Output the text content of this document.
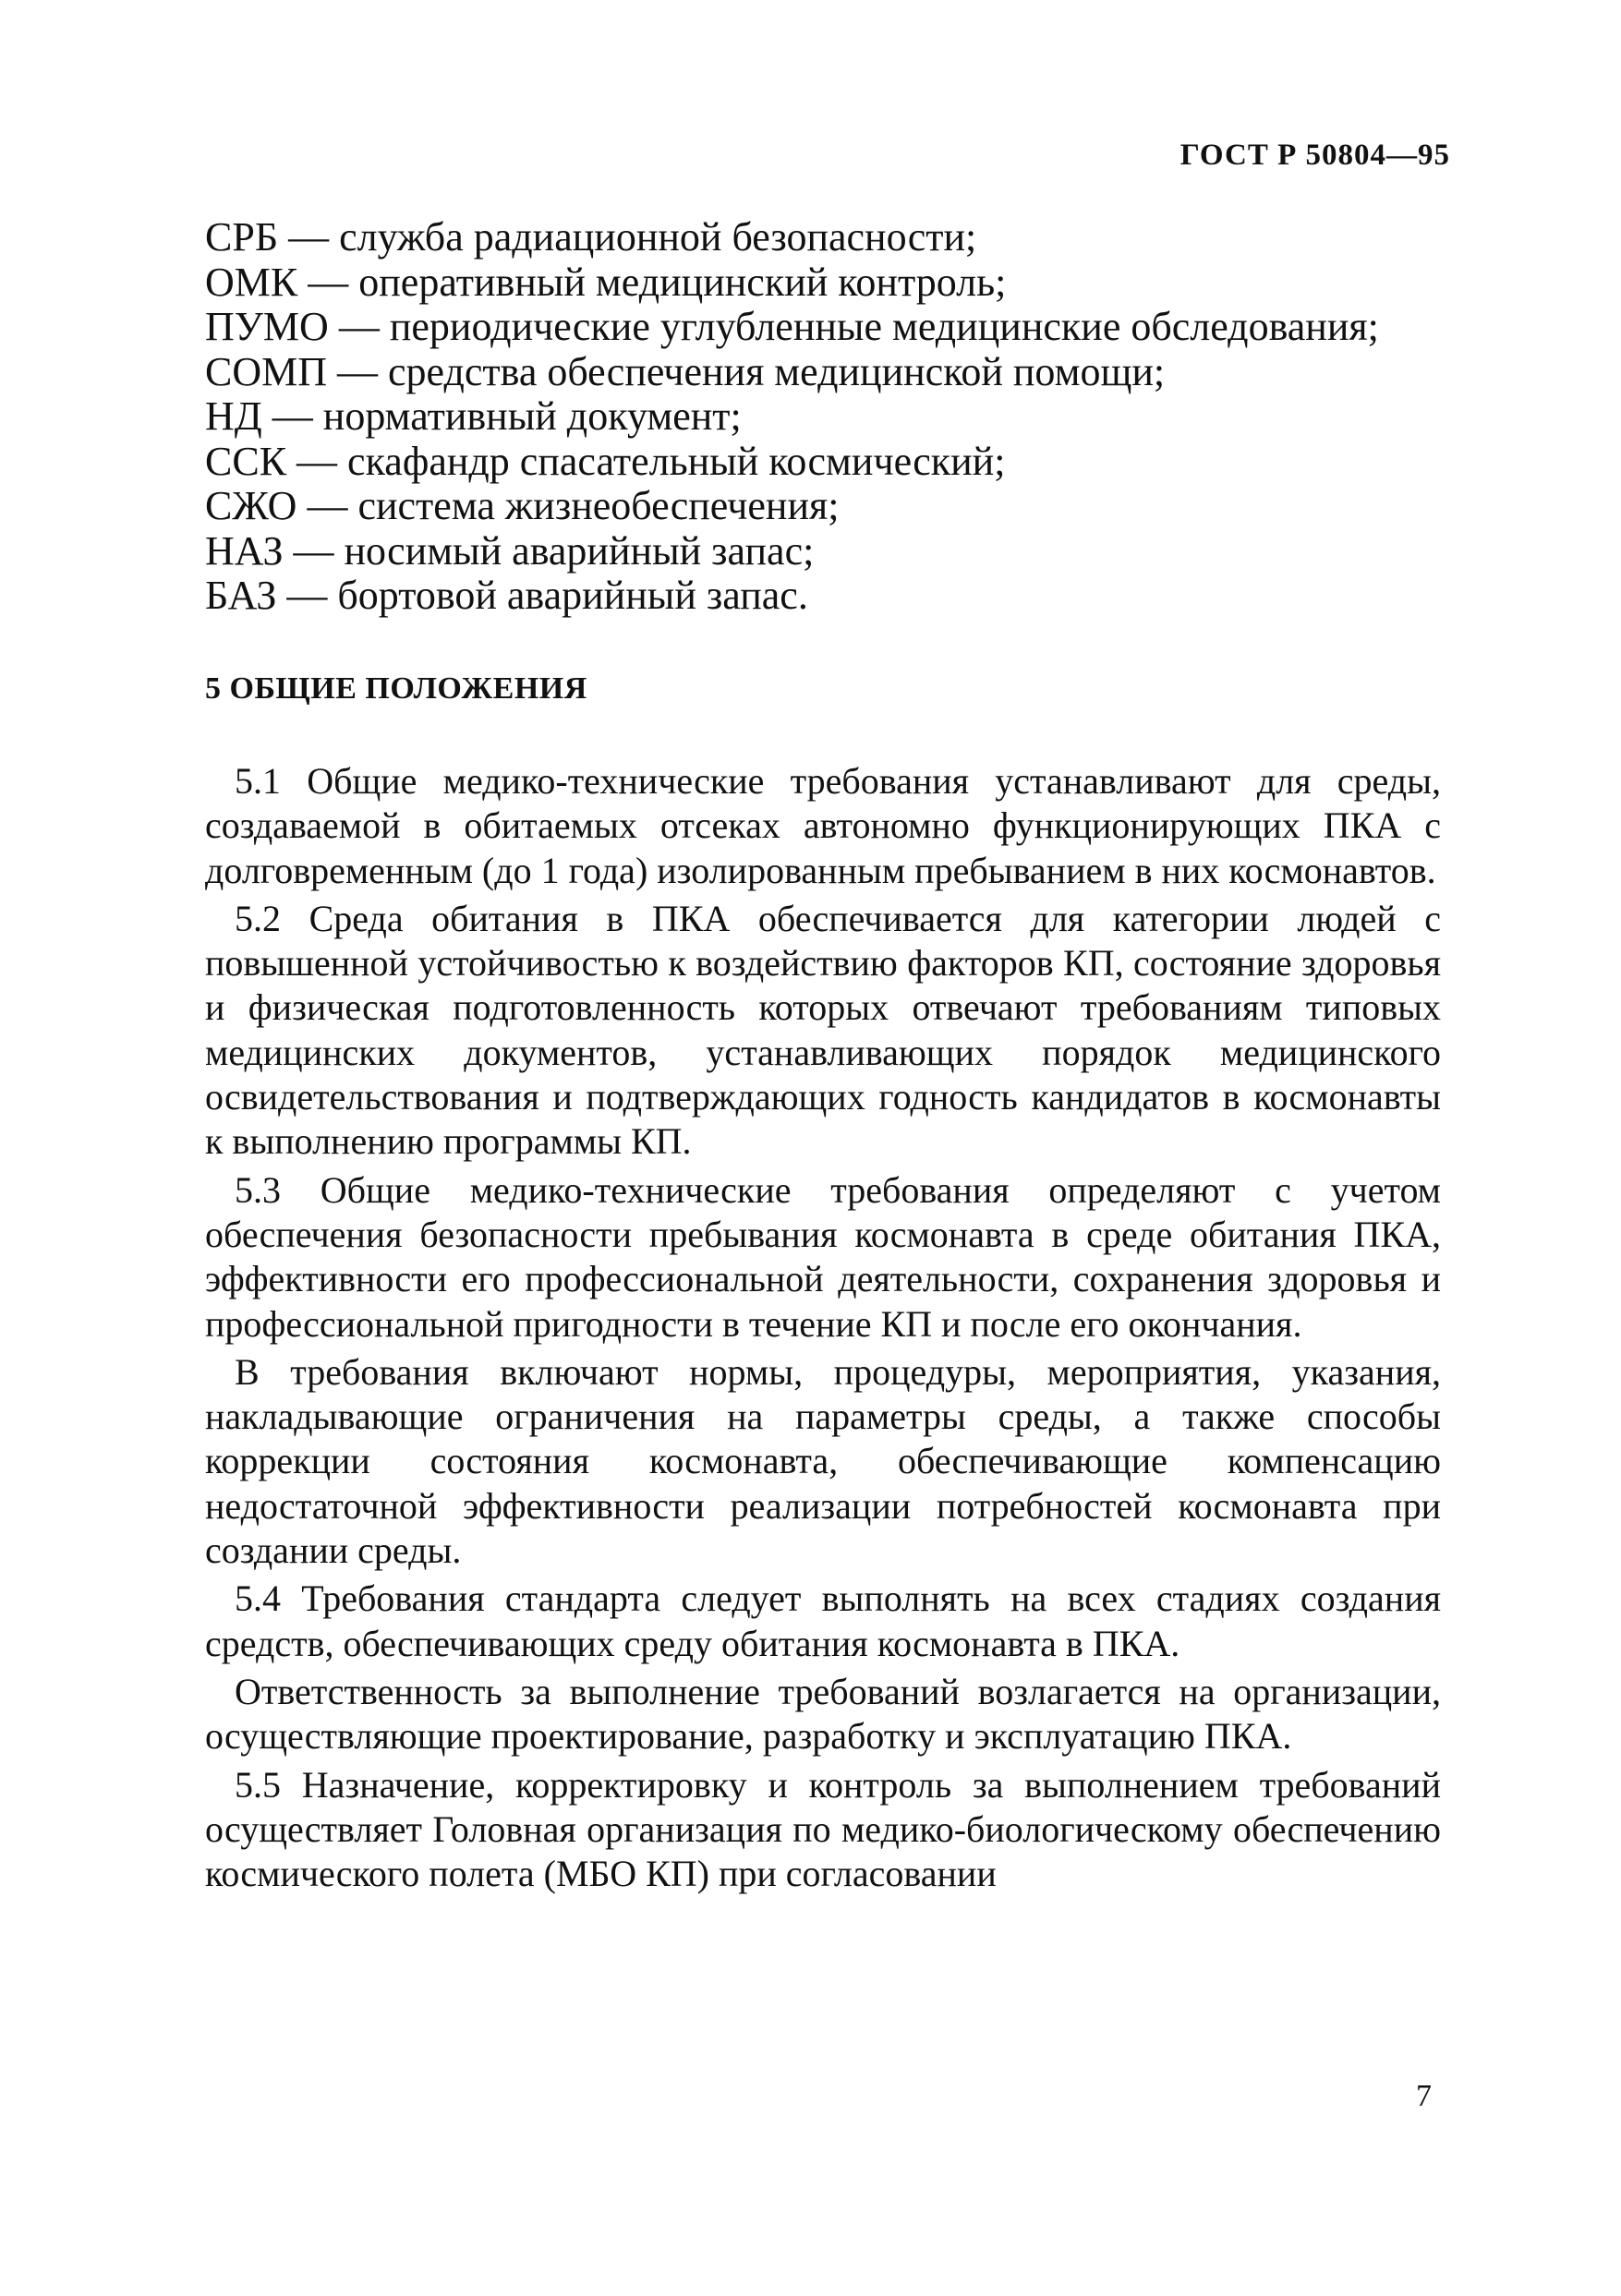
ГОСТ Р 50804—95
СРБ — служба радиационной безопасности;
ОМК — оперативный медицинский контроль;
ПУМО — периодические углубленные медицинские обследования;
СОМП — средства обеспечения медицинской помощи;
НД — нормативный документ;
ССК — скафандр спасательный космический;
СЖО — система жизнеобеспечения;
НАЗ — носимый аварийный запас;
БАЗ — бортовой аварийный запас.
5 ОБЩИЕ ПОЛОЖЕНИЯ

5.1 Общие медико-технические требования устанавливают для среды, создаваемой в обитаемых отсеках автономно функционирующих ПКА с долговременным (до 1 года) изолированным пребыванием в них космонавтов.

5.2 Среда обитания в ПКА обеспечивается для категории людей с повышенной устойчивостью к воздействию факторов КП, состояние здоровья и физическая подготовленность которых отвечают требованиям типовых медицинских документов, устанавливающих порядок медицинского освидетельствования и подтверждающих годность кандидатов в космонавты к выполнению программы КП.

5.3 Общие медико-технические требования определяют с учетом обеспечения безопасности пребывания космонавта в среде обитания ПКА, эффективности его профессиональной деятельности, сохранения здоровья и профессиональной пригодности в течение КП и после его окончания.

В требования включают нормы, процедуры, мероприятия, указания, накладывающие ограничения на параметры среды, а также способы коррекции состояния космонавта, обеспечивающие компенсацию недостаточной эффективности реализации потребностей космонавта при создании среды.

5.4 Требования стандарта следует выполнять на всех стадиях создания средств, обеспечивающих среду обитания космонавта в ПКА.

Ответственность за выполнение требований возлагается на организации, осуществляющие проектирование, разработку и эксплуатацию ПКА.

5.5 Назначение, корректировку и контроль за выполнением требований осуществляет Головная организация по медико-биологическому обеспечению космического полета (МБО КП) при согласовании

7
